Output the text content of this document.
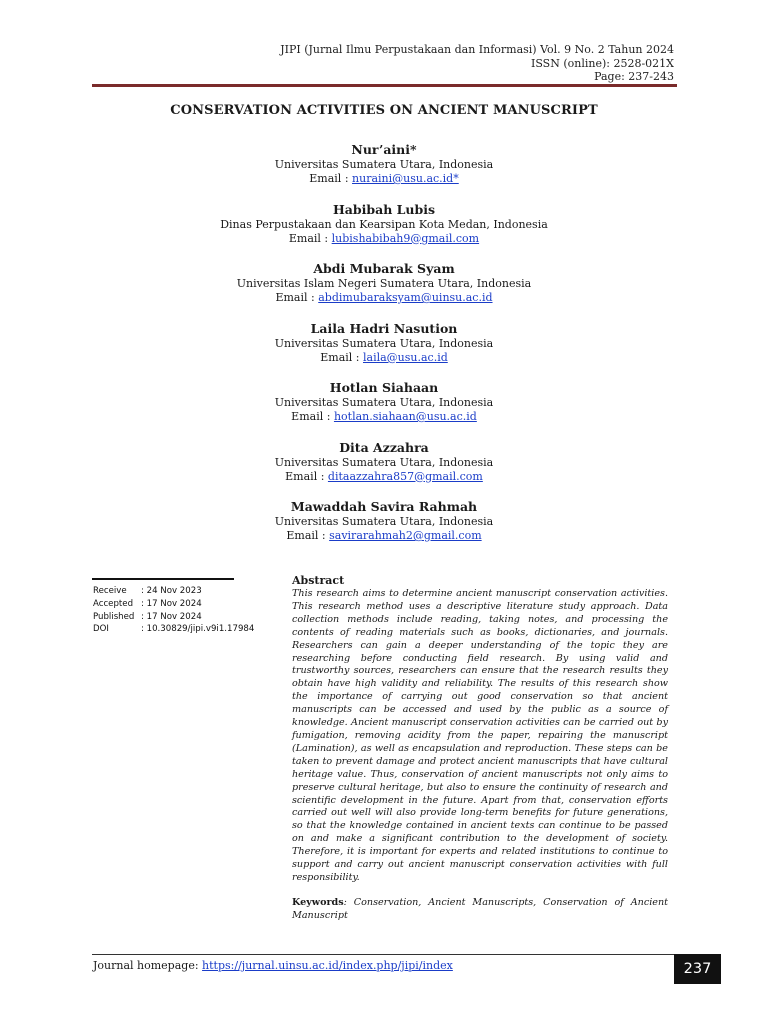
JIPI (Jurnal Ilmu Perpustakaan dan Informasi) Vol. 9 No. 2 Tahun 2024
ISSN (online): 2528-021X
Page: 237-243
CONSERVATION ACTIVITIES ON ANCIENT MANUSCRIPT
Nur’aini*
Universitas Sumatera Utara, Indonesia
Email : nuraini@usu.ac.id*
Habibah Lubis
Dinas Perpustakaan dan Kearsipan Kota Medan, Indonesia
Email : lubishabibah9@gmail.com
Abdi Mubarak Syam
Universitas Islam Negeri Sumatera Utara, Indonesia
Email : abdimubaraksyam@uinsu.ac.id
Laila Hadri Nasution
Universitas Sumatera Utara, Indonesia
Email : laila@usu.ac.id
Hotlan Siahaan
Universitas Sumatera Utara, Indonesia
Email : hotlan.siahaan@usu.ac.id
Dita Azzahra
Universitas Sumatera Utara, Indonesia
Email : ditaazzahra857@gmail.com
Mawaddah Savira Rahmah
Universitas Sumatera Utara, Indonesia
Email : savirarahmah2@gmail.com
Receive	: 24 Nov 2023
Accepted : 17 Nov 2024
Published : 17 Nov 2024
DOI	: 10.30829/jipi.v9i1.17984
Abstract

This research aims to determine ancient manuscript conservation activities. This research method uses a descriptive literature study approach. Data collection methods include reading, taking notes, and processing the contents of reading materials such as books, dictionaries, and journals. Researchers can gain a deeper understanding of the topic they are researching before conducting field research. By using valid and trustworthy sources, researchers can ensure that the research results they obtain have high validity and reliability. The results of this research show the importance of carrying out good conservation so that ancient manuscripts can be accessed and used by the public as a source of knowledge. Ancient manuscript conservation activities can be carried out by fumigation, removing acidity from the paper, repairing the manuscript (Lamination), as well as encapsulation and reproduction. These steps can be taken to prevent damage and protect ancient manuscripts that have cultural heritage value. Thus, conservation of ancient manuscripts not only aims to preserve cultural heritage, but also to ensure the continuity of research and scientific development in the future. Apart from that, conservation efforts carried out well will also provide long-term benefits for future generations, so that the knowledge contained in ancient texts can continue to be passed on and make a significant contribution to the development of society. Therefore, it is important for experts and related institutions to continue to support and carry out ancient manuscript conservation activities with full responsibility.

Keywords: Conservation, Ancient Manuscripts, Conservation of Ancient Manuscript
Journal homepage: https://jurnal.uinsu.ac.id/index.php/jipi/index	237
